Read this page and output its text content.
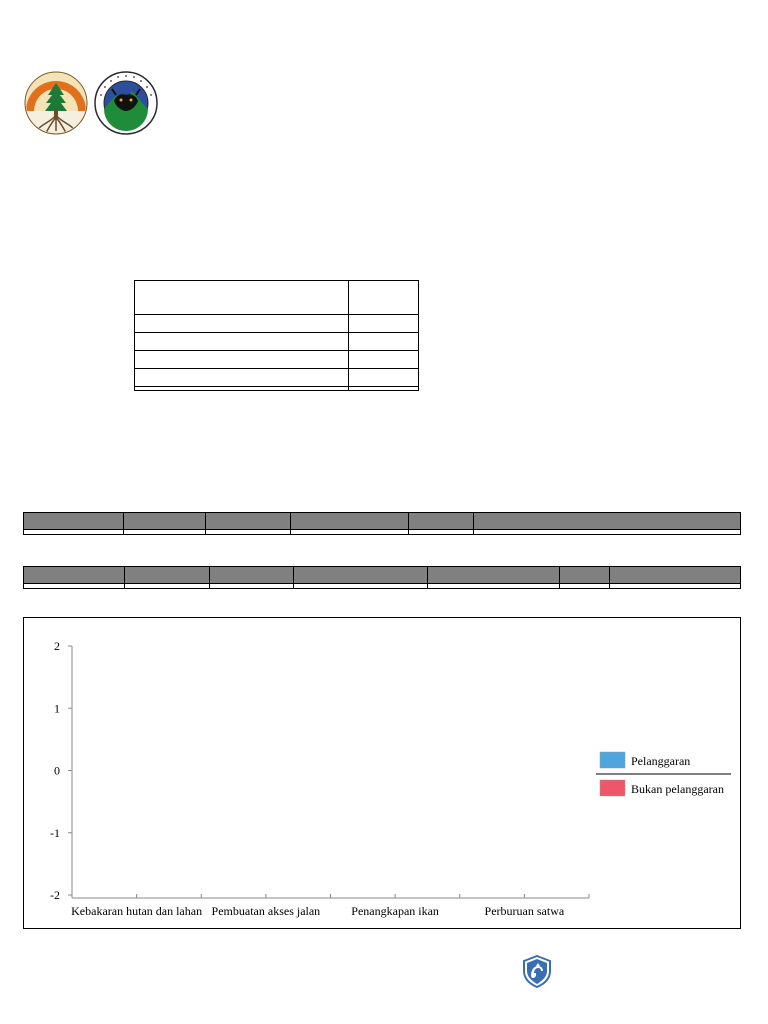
2
1
0
-1
-2
Kebakaran hutan dan lahan Pembuatan akses jalan	Penangkapan ikan	Perburuan satwa
Pelanggaran
Bukan pelanggaran
